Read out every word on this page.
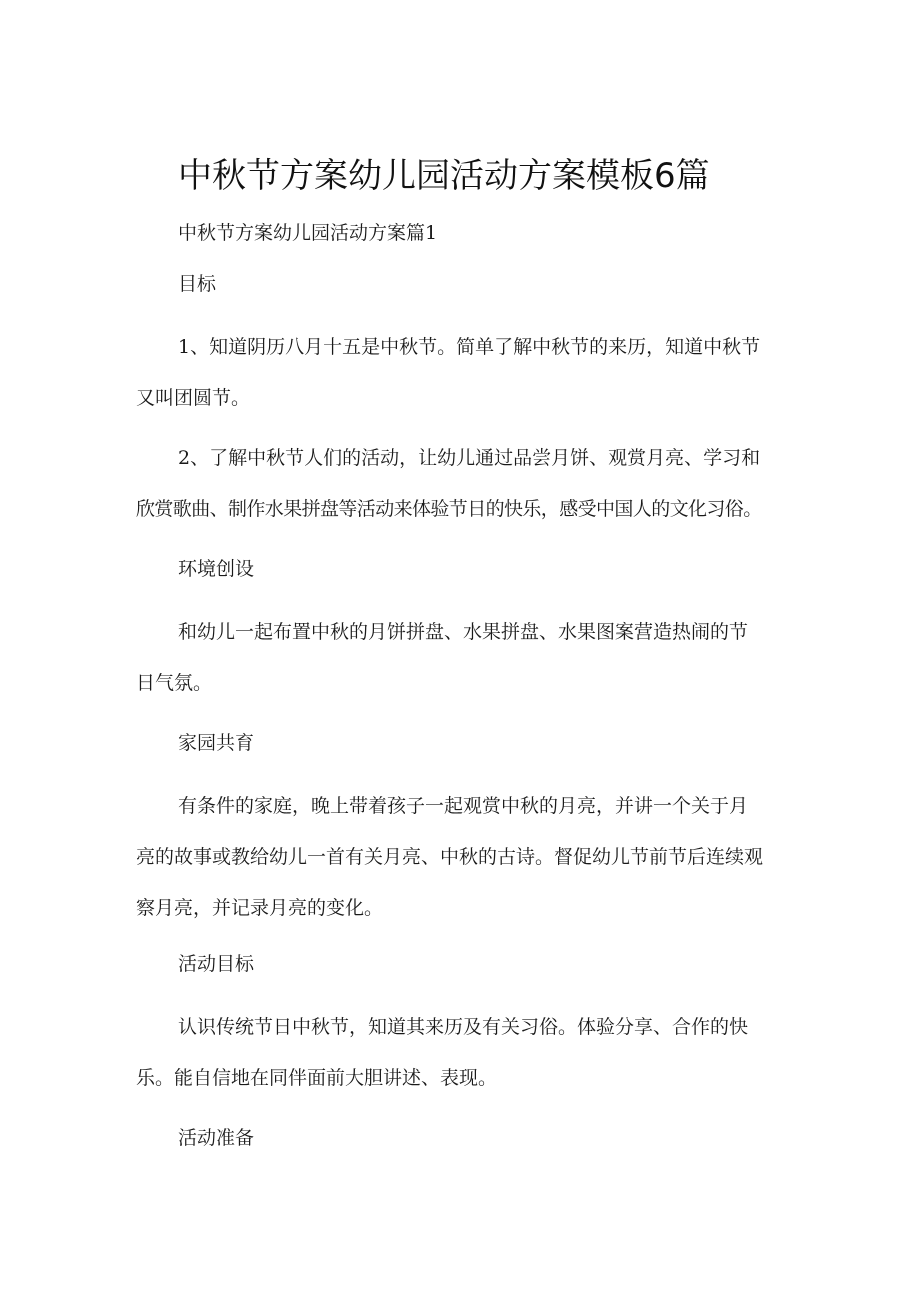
中秋节方案幼儿园活动方案模板6篇

中秋节方案幼儿园活动方案篇1

目标

1、知道阴历八月十五是中秋节。简单了解中秋节的来历，知道中秋节
又叫团圆节。

2、了解中秋节人们的活动，让幼儿通过品尝月饼、观赏月亮、学习和
欣赏歌曲、制作水果拼盘等活动来体验节日的快乐，感受中国人的文化习俗。

环境创设

和幼儿一起布置中秋的月饼拼盘、水果拼盘、水果图案营造热闹的节
日气氛。

家园共育

有条件的家庭，晚上带着孩子一起观赏中秋的月亮，并讲一个关于月
亮的故事或教给幼儿一首有关月亮、中秋的古诗。督促幼儿节前节后连续观
察月亮，并记录月亮的变化。

活动目标

认识传统节日中秋节，知道其来历及有关习俗。体验分享、合作的快
乐。能自信地在同伴面前大胆讲述、表现。

活动准备
